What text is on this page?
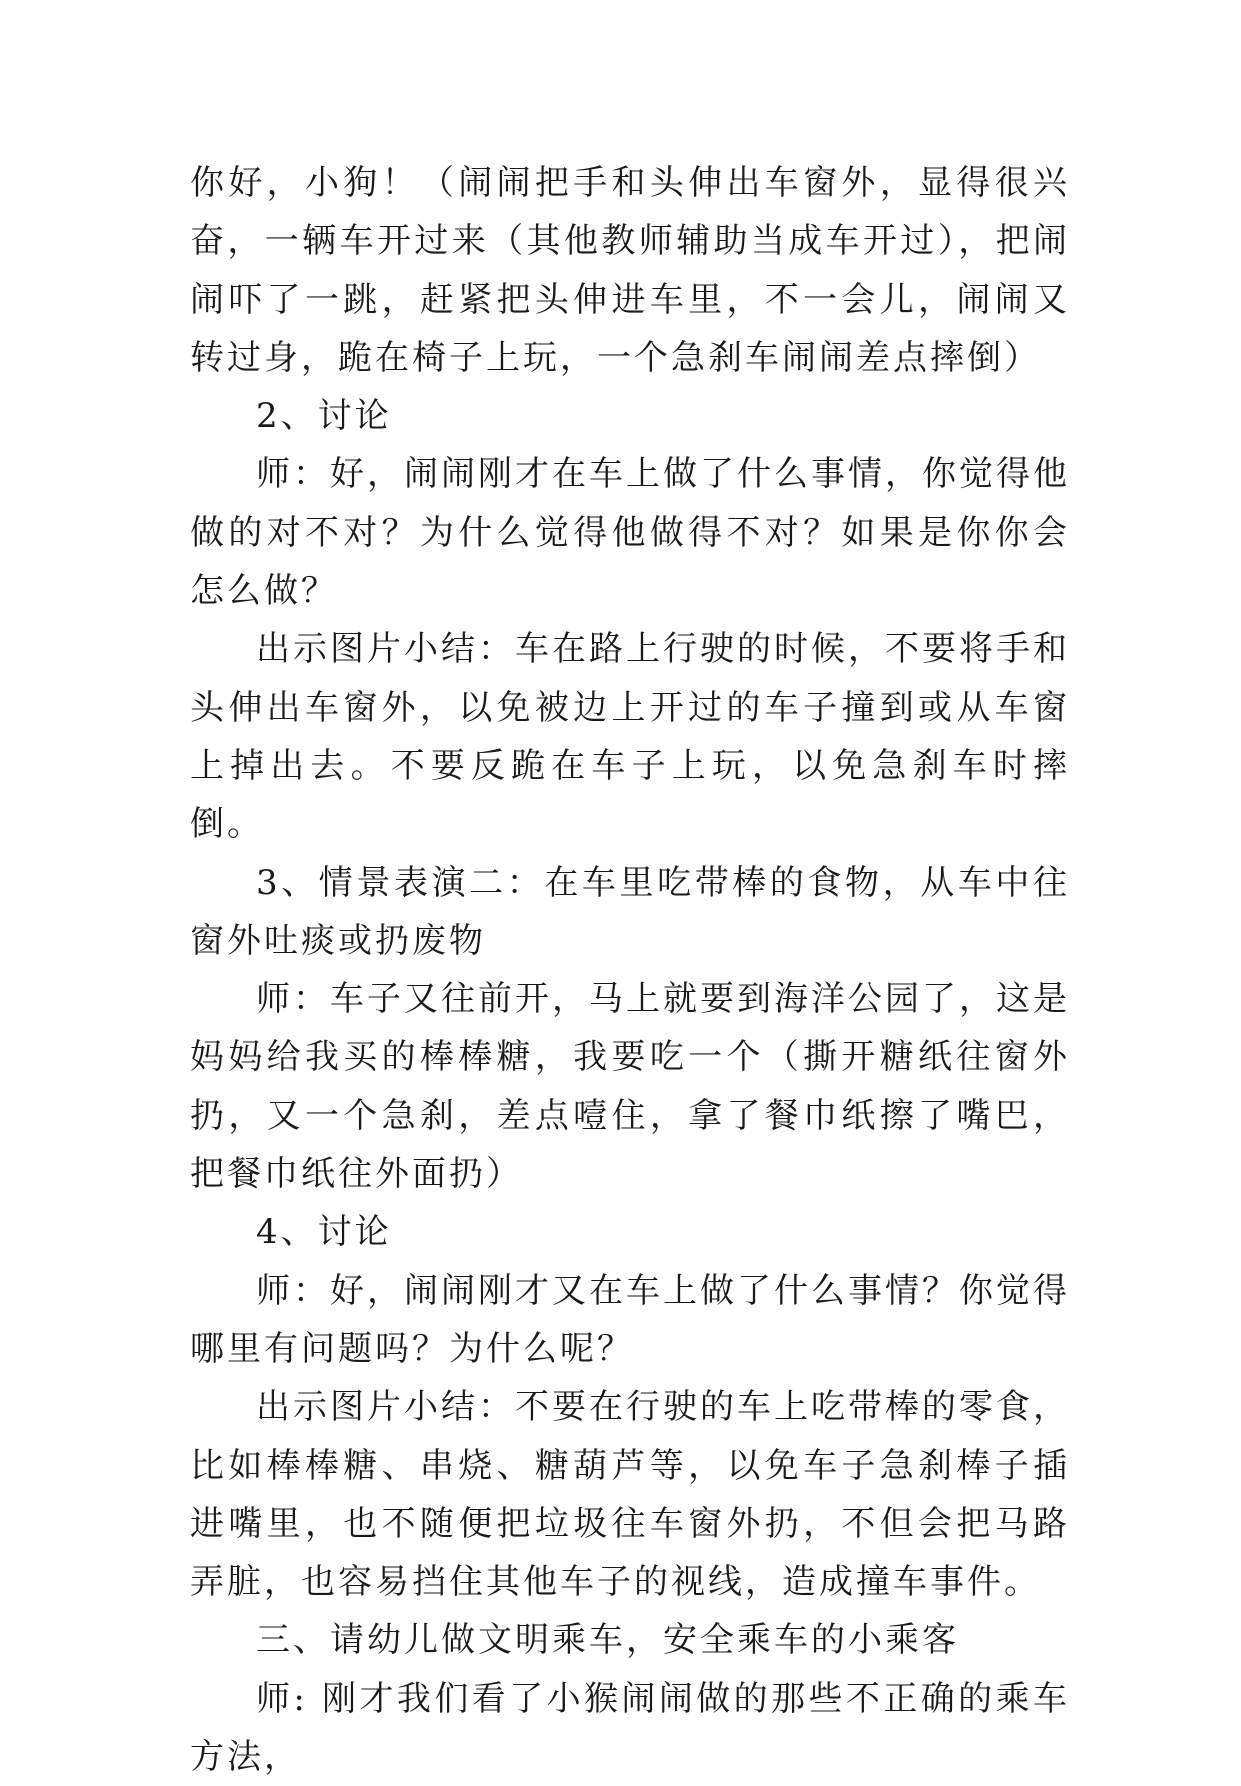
你好，小狗！（闹闹把手和头伸出车窗外，显得很兴奋，一辆车开过来（其他教师辅助当成车开过），把闹闹吓了一跳，赶紧把头伸进车里，不一会儿，闹闹又转过身，跪在椅子上玩，一个急刹车闹闹差点摔倒）

2、讨论

师：好，闹闹刚才在车上做了什么事情，你觉得他做的对不对？为什么觉得他做得不对？如果是你你会怎么做？

出示图片小结：车在路上行驶的时候，不要将手和头伸出车窗外，以免被边上开过的车子撞到或从车窗上掉出去。不要反跪在车子上玩，以免急刹车时摔倒。

3、情景表演二：在车里吃带棒的食物，从车中往窗外吐痰或扔废物

师：车子又往前开，马上就要到海洋公园了，这是妈妈给我买的棒棒糖，我要吃一个（撕开糖纸往窗外扔，又一个急刹，差点噎住，拿了餐巾纸擦了嘴巴，把餐巾纸往外面扔）

4、讨论

师：好，闹闹刚才又在车上做了什么事情？你觉得哪里有问题吗？为什么呢？

出示图片小结：不要在行驶的车上吃带棒的零食，比如棒棒糖、串烧、糖葫芦等，以免车子急刹棒子插进嘴里，也不随便把垃圾往车窗外扔，不但会把马路弄脏，也容易挡住其他车子的视线，造成撞车事件。

三、请幼儿做文明乘车，安全乘车的小乘客

师: 刚才我们看了小猴闹闹做的那些不正确的乘车方法，
